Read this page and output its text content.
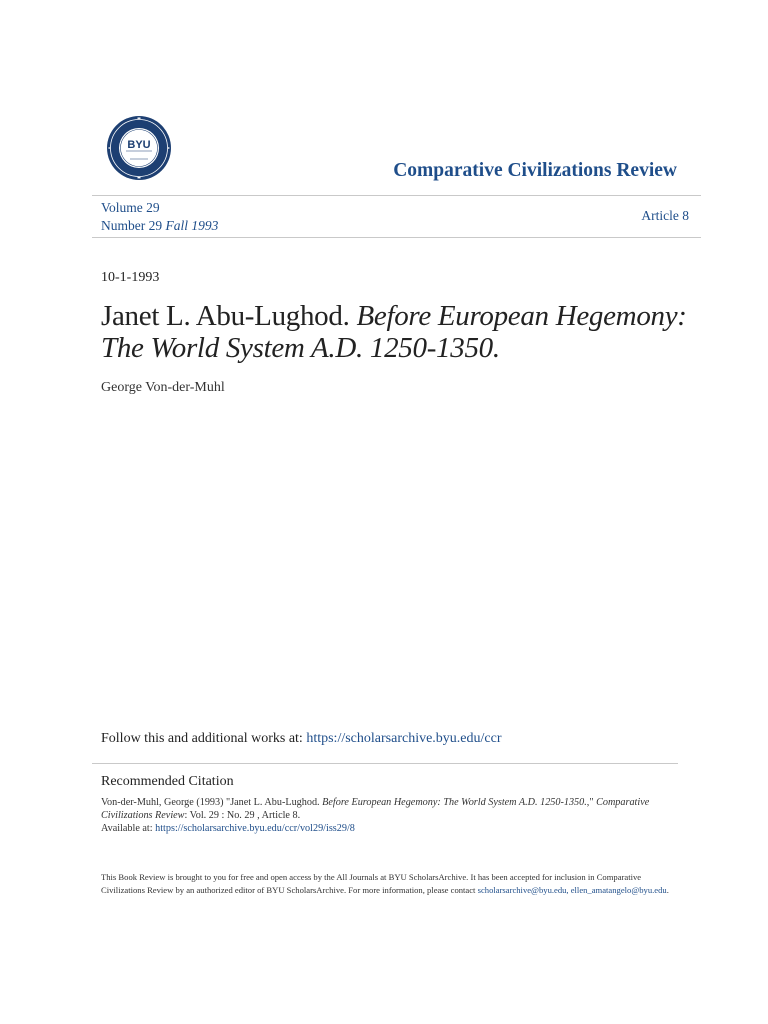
BYU
Comparative Civilizations Review
Volume 29
Number 29 Fall 1993
Article 8
10-1-1993
Janet L. Abu-Lughod. Before European Hegemony:
The World System A.D. 1250-1350.
George Von-der-Muhl
Follow this and additional works at: https://scholarsarchive.byu.edu/ccr
Recommended Citation
Von-der-Muhl, George (1993) "Janet L. Abu-Lughod. Before European Hegemony: The World System A.D. 1250-1350.," Comparative Civilizations Review: Vol. 29 : No. 29 , Article 8.
Available at: https://scholarsarchive.byu.edu/ccr/vol29/iss29/8
This Book Review is brought to you for free and open access by the All Journals at BYU ScholarsArchive. It has been accepted for inclusion in Comparative Civilizations Review by an authorized editor of BYU ScholarsArchive. For more information, please contact scholarsarchive@byu.edu, ellen_amatangelo@byu.edu.
